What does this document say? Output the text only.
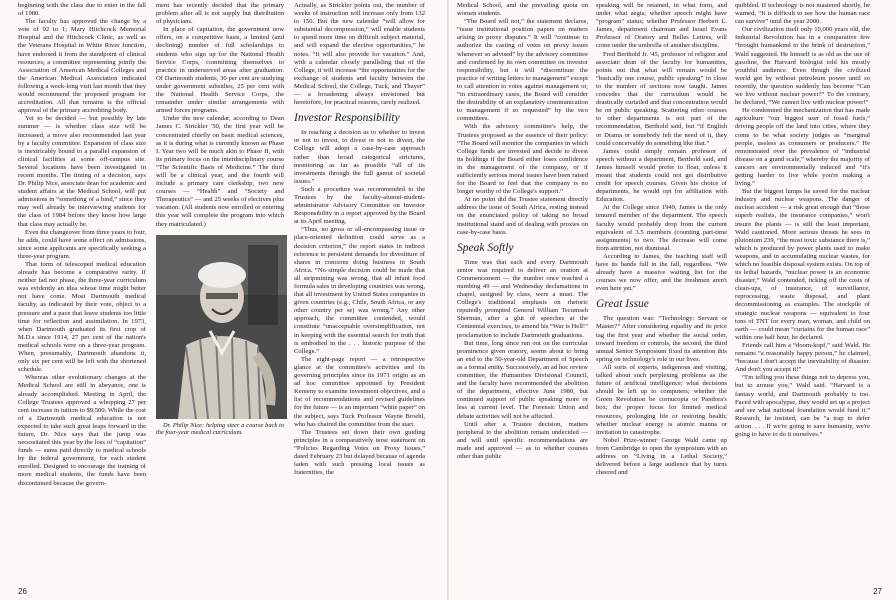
beginning with the class due to enter in the fall of 1980.

The faculty has approved the change by a vote of 92 to 1; Mary Hitchcock Memorial Hospital and the Hitchcock Clinic, as well as the Veterans Hospital in White River Junction, have endorsed it from the standpoint of clinical resources; a committee representing jointly the Association of American Medical Colleges and the American Medical Association indicated following a week-long visit last month that they would recommend the proposed program for accreditation. All that remains is the official approval of the primary accrediting body.

Yet to be decided — but possibly by late summer — is whether class size will be increased, a move also recommended last year by a faculty committee. Expansion of class size is inextricably bound to a parallel expansion of clinical facilities at some off-campus site. Several locations have been investigated in recent months. The timing of a decision, says Dr. Philip Nice, associate dean for academic and student affairs at the Medical School, will put admissions in “something of a bind,” since they may well already be interviewing students for the class of 1984 before they know how large that class may actually be.

Even the changeover from three years to four, he adds, could have some effect on admissions, since some applicants are specifically seeking a three-year program.

That form of telescoped medical education already has become a comparative rarity. If neither fad nor phase, the three-year curriculum was evidently an idea whose time might better not have come. Most Dartmouth medical faculty, as indicated by their vote, object to a pressure and a pace that leave students too little time for reflection and assimilation. In 1973, when Dartmouth graduated its first crop of M.D.s since 1914, 27 per cent of the nation's medical schools were on a three-year program. When, presumably, Dartmouth abandons it, only six per cent will be left with the shortened schedule.

Whereas other evolutionary changes at the Medical School are still in abeyance, one is already accomplished. Meeting in April, the College Trustees approved a whopping 27 per cent increase in tuition to $9,500. While the cost of a Dartmouth medical education is not expected to take such great leaps forward in the future, Dr. Nice says that the jump was necessitated this year by the loss of “capitation” funds — sums paid directly to medical schools by the federal government, for each student enrolled. Designed to encourage the training of more medical students, the funds have been discontinued because the govern-

ment has recently decided that the primary problem after all is not supply but distribution of physicians.

In place of capitation, the government now offers, on a competitive basis, a limited (and declining) number of full scholarships to students who sign up for the National Health Service Corps, committing themselves to practice in underserved areas after graduation. Of Dartmouth students, 30 per cent are studying under government subsidies, 25 per cent with the National Health Service Corps, the remainder under similar arrangements with armed forces programs.

Under the new calendar, according to Dean James C. Strickler '50, the first year will be concentrated chiefly on basic medical sciences, as it is during what is currently known as Phase I. Year two will be much akin to Phase II, with its primary focus on the interdisciplinary course “The Scientific Basis of Medicine.” The third will be a clinical year, and the fourth will include a primary care clerkship, two new courses — “Health” and “Society and Therapeutics” — and 25 weeks of electives plus vacation. (All students now enrolled or entering this year will complete the program into which they matriculated.)

Dr. Philip Nice: helping steer a course back to the four-year medical curriculum.

Actually, as Strickler points out, the number of weeks of instruction will increase only from 132 to 150. But the new calendar “will allow for substantial decompression,” will enable students to spend more time on difficult subject material, and will expand the elective opportunities,” he notes. “It will also provide for vacation.” And, with a calendar closely paralleling that of the College, it will increase “the opportunities for the exchange of students and faculty between the Medical School, the College, Tuck, and Thayer” — a broadening always envisioned but heretofore, for practical reasons, rarely realized.

Investor Responsibility

In reaching a decision as to whether to invest or not to invest, to divest or not to divest, the College will adopt a case-by-case approach rather than broad categorical strictures, monitoring as far as possible “all of its investments through the full gamut of societal issues.”

Such a procedure was recommended to the Trustees by the faculty-alumni-student-administrator Advisory Committee on Investor Responsibility in a report approved by the Board at its April meeting.

“Thus, no gross or all-encompassing issue or place-oriented definition could serve as a decision criterion,” the report states in indirect reference to persistent demands for divestiture of shares in concerns doing business in South Africa. “No simple decision could be made that all stripmining was wrong, that all infant food formula sales in developing countries was wrong, that all investment by United States companies in given countries (e.g., Chile, South Africa, or any other country per se) was wrong.” Any other approach, the committee contended, would constitute “unacceptable oversimplification, not in keeping with the essential search for truth that is embodied in the . . . historic purpose of the College.”

The eight-page report — a retrospective glance at the committee's activities and its governing principles since its 1971 origin as an ad hoc committee appointed by President Kemeny to examine investment objectives, and a list of recommendations and revised guidelines for the future — is an important “white paper” on the subject, says Tuck Professor Wayne Broehl, who has chaired the committee from the start.

The Trustees set down their own guiding principles in a comparatively terse statement on “Policies Regarding Votes on Proxy Issues,” dated February 23 but delayed because of agenda laden with such pressing local issues as fraternities, the

26

Medical School, and the prevailing quota on women students.

“The Board will not,” the statement declares, “issue institutional position papers on matters arising in proxy disputes.” It will “continue to authorize the casting of votes on proxy issues whenever so advised” by the advisory committee and confirmed by its own committee on investor responsibility, but it will “discontinue the practice of writing letters to management” except to call attention to votes against management or, “in extraordinary cases, the Board will consider the desirability of an explanatory communication to management if so requested” by the two committees.

With the advisory committee's help, the Trustees proposed as the essence of their policy: “The Board will monitor the companies in which College funds are invested and decide to divest its holdings if the Board either loses confidence in the management of the company, or if sufficiently serious moral issues have been raised for the Board to feel that the company is no longer worthy of the College's support.”

At no point did the Trustee statement directly address the issue of South Africa, resting instead on the enunciated policy of taking no broad institutional stand and of dealing with proxies on case-by-case basis.

Speak Softly

Time was that each and every Dartmouth senior was required to deliver an oration at Commencement — the number once reached a numbing 49 — and Wednesday declamations in chapel, assigned by class, were a must. The College's traditional emphasis on rhetoric reputedly prompted General William Tecumseh Sherman, after a glut of speeches at the Centennial exercises, to amend his “War is Hell!” proclamation to include Dartmouth graduations.

But time, long since run out on the curricular prominence given oratory, seems about to bring an end to the 50-year-old Department of Speech as a formal entity. Successively, an ad hoc review committee, the Humanities Divisional Council, and the faculty have recommended the abolition of the department, effective June 1980, but continued support of public speaking more or less at current level. The Forensic Union and debate activities will not be affected.

Until after a Trustee decision, matters peripheral to the abolition remain undecided — and will until specific recommendations are made and approved — as to whether courses other than public

speaking will be retained, in what form, and under what aegis; whether speech might have “program” status; whether Professor Herbert L. James, department chairman and Israel Evans Professor of Oratory and Belles Lettres, will come under the umbrella of another discipline.

Fred Berthold Jr. '45, professor of religion and associate dean of the faculty for humanities, points out that what will remain would be “basically one course, public speaking” in close to the number of sections now taught. James concedes that the curriculum would be drastically curtailed and that concentration would be on public speaking. Scattering other courses to other departments is not part of the recommendation, Berthold said, but “if English or Drama or somebody felt the need of it, they could conceivably do something like that.”

James could simply remain professor of speech without a department, Berthold said, and James himself would prefer to float, unless it meant that students could not get distributive credit for speech courses. Given his choice of departments, he would opt for affiliation with Education.

At the College since 1949, James is the only tenured member of the department. The speech faculty would probably drop from the current equivalent of 3.5 members (counting part-time assignments) to two. The decrease will come from attrition, not dismissal.

According to James, the teaching staff will have its hands full in the fall, regardless. “We already have a massive waiting list for the courses we now offer, and the freshmen aren't even here yet.”

Great Issue

The question was: “Technology: Servant or Master?” After considering equality and its price tag the first year and whether the social order, toward freedom or controls, the second, the third annual Senior Symposium fixed its attention this spring on technology's role in our lives.

All sorts of experts, indigenous and visiting, talked about such perplexing problems as the future of artificial intelligence; what decisions should be left up to computers; whether the Green Revolution be cornucopia or Pandora's box; the proper focus for limited medical resources, prolonging life or restoring health; whether nuclear energy is atomic manna or invitation to catastrophe.

Nobel Prize-winner George Wald came up from Cambridge to open the symposium with an address on “Living in a Lethal Society,” delivered before a large audience that by turns cheered and

quibbled. If technology is not mastered shortly, he warned, “It is difficult to see how the human race can survive” until the year 2000.

Our civilization itself only 10,000 years old, the Industrial Revolution has in a comparative few “brought humankind to the brink of destruction,” Wald suggested. He himself is as old as the use of gasoline, the Harvard biologist told his mostly youthful audience. Even though the civilized world got by without petroleum power until so recently, the question suddenly has become “Can we live without nuclear power?” To the contrary, he declared, “We cannot live with nuclear power!”

He condemned the mechanization that has made agriculture “our biggest user of fossil fuels,” driving people off the land into cities, where they come to be what society judges as “marginal people, useless as consumers or producers.” He remonstrated over the prevalence of “industrial disease on a grand scale,” whereby the majority of cancers are environmentally induced and “it's getting harder to live while you're making a living.”

But the biggest lumps he saved for the nuclear industry and nuclear weapons. The danger of nuclear accident — a risk great enough that “those superb realists, the insurance companies,” won't insure the plants — is still the least important, Wald cautioned. More serious threats he sees in plutonium 239, “the most toxic substance there is,” which is produced by power plants used to make weapons, and in accumulating nuclear wastes, for which no feasible disposal system exists. On top of its lethal hazards, “nuclear power is an economic disaster,” Wald contended, ticking off the costs of clean-ups, of insurance, of surveillance, reprocessing, waste disposal, and plant decommissioning as examples. The stockpile of strategic nuclear weapons — equivalent to four tons of TNT for every man, woman, and child on earth — could mean “curtains for the human race” within one half hour, he declared.

Friends call him a “doom-kopf,” said Wald. He remains “a reasonably happy person,” he claimed, “because I don't accept the inevitability of disaster. And don't you accept it!”

“I'm telling you these things not to depress you, but to arouse you,” Wald said. “Harvard is a fantasy world, and Dartmouth probably is too. Faced with apocalypse, they would set up a project and see what national foundation would fund it.” Research, he insisted, can be “a trap to defer action. . . . If we're going to save humanity, we're going to have to do it ourselves.”

27
